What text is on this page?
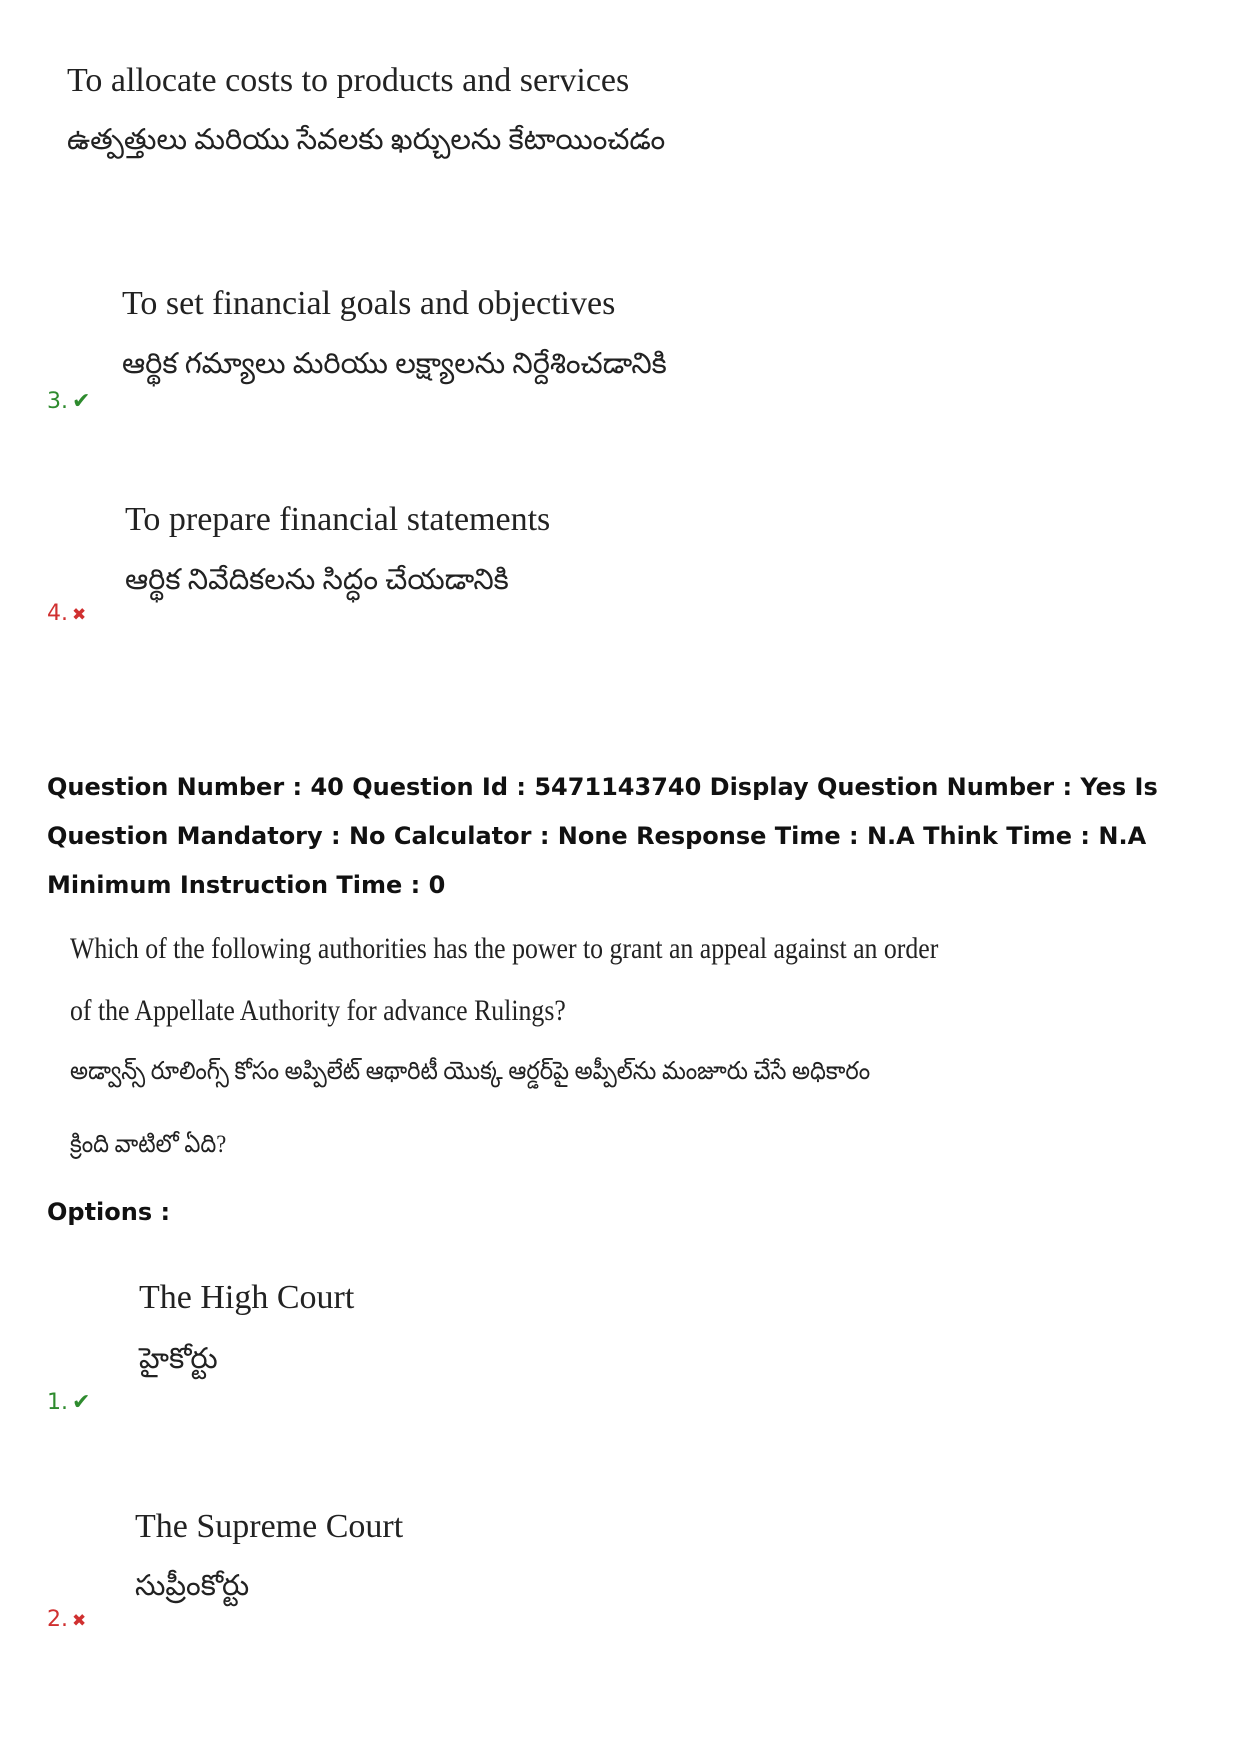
To allocate costs to products and services
ఉత్పత్తులు మరియు సేవలకు ఖర్చులను కేటాయించడం
To set financial goals and objectives
ఆర్థిక గమ్యాలు మరియు లక్ష్యాలను నిర్దేశించడానికి
3. ✔
To prepare financial statements
ఆర్థిక నివేదికలను సిద్ధం చేయడానికి
4. ✖
Question Number : 40 Question Id : 5471143740 Display Question Number : Yes Is Question Mandatory : No Calculator : None Response Time : N.A Think Time : N.A Minimum Instruction Time : 0
Which of the following authorities has the power to grant an appeal against an order
of the Appellate Authority for advance Rulings?
అడ్వాన్స్ రూలింగ్స్ కోసం అప్పిలేట్ ఆథారిటీ యొక్క ఆర్డర్‌పై అప్పీల్‌ను మంజూరు చేసే అధికారం
క్రింది వాటిలో ఏది?
Options :
The High Court
హైకోర్టు
1. ✔
The Supreme Court
సుప్రీంకోర్టు
2. ✖
